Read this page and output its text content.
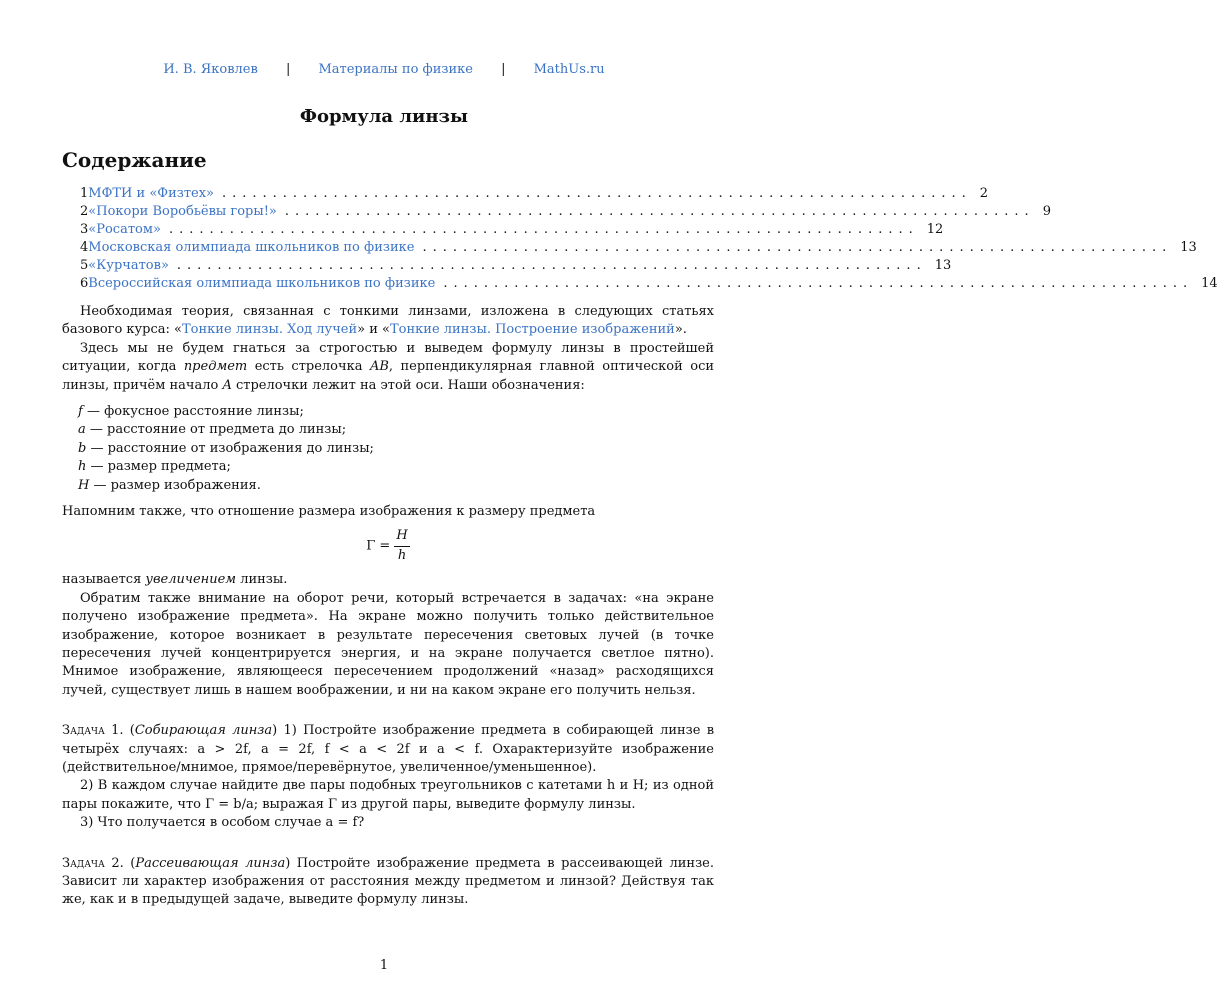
И. В. Яковлев | Материалы по физике | MathUs.ru
Формула линзы
Содержание
1 МФТИ и «Физтех» .......................................................................... 2
2 «Покори Воробьёвы горы!» .......................................................................... 9
3 «Росатом» .......................................................................... 12
4 Московская олимпиада школьников по физике .......................................................................... 13
5 «Курчатов» .......................................................................... 13
6 Всероссийская олимпиада школьников по физике .......................................................................... 14

Необходимая теория, связанная с тонкими линзами, изложена в следующих статьях базового курса: «Тонкие линзы. Ход лучей» и «Тонкие линзы. Построение изображений».

Здесь мы не будем гнаться за строгостью и выведем формулу линзы в простейшей ситуации, когда предмет есть стрелочка AB, перпендикулярная главной оптической оси линзы, причём начало A стрелочки лежит на этой оси. Наши обозначения:

f — фокусное расстояние линзы;
a — расстояние от предмета до линзы;
b — расстояние от изображения до линзы;
h — размер предмета;
H — размер изображения.

Напомним также, что отношение размера изображения к размеру предмета

$\Gamma = \frac{H}{h}$

называется увеличением линзы.

Обратим также внимание на оборот речи, который встречается в задачах: «на экране получено изображение предмета». На экране можно получить только действительное изображение, которое возникает в результате пересечения световых лучей (в точке пересечения лучей концентрируется энергия, и на экране получается светлое пятно). Мнимое изображение, являющееся пересечением продолжений «назад» расходящихся лучей, существует лишь в нашем воображении, и ни на каком экране его получить нельзя.

Задача 1. (Собирающая линза) 1) Постройте изображение предмета в собирающей линзе в четырёх случаях: a > 2f, a = 2f, f < a < 2f и a < f. Охарактеризуйте изображение (действительное/мнимое, прямое/перевёрнутое, увеличенное/уменьшенное).

2) В каждом случае найдите две пары подобных треугольников с катетами h и H; из одной пары покажите, что Γ = b/a; выражая Γ из другой пары, выведите формулу линзы.

3) Что получается в особом случае a = f?

Задача 2. (Рассеивающая линза) Постройте изображение предмета в рассеивающей линзе. Зависит ли характер изображения от расстояния между предметом и линзой? Действуя так же, как и в предыдущей задаче, выведите формулу линзы.

1
